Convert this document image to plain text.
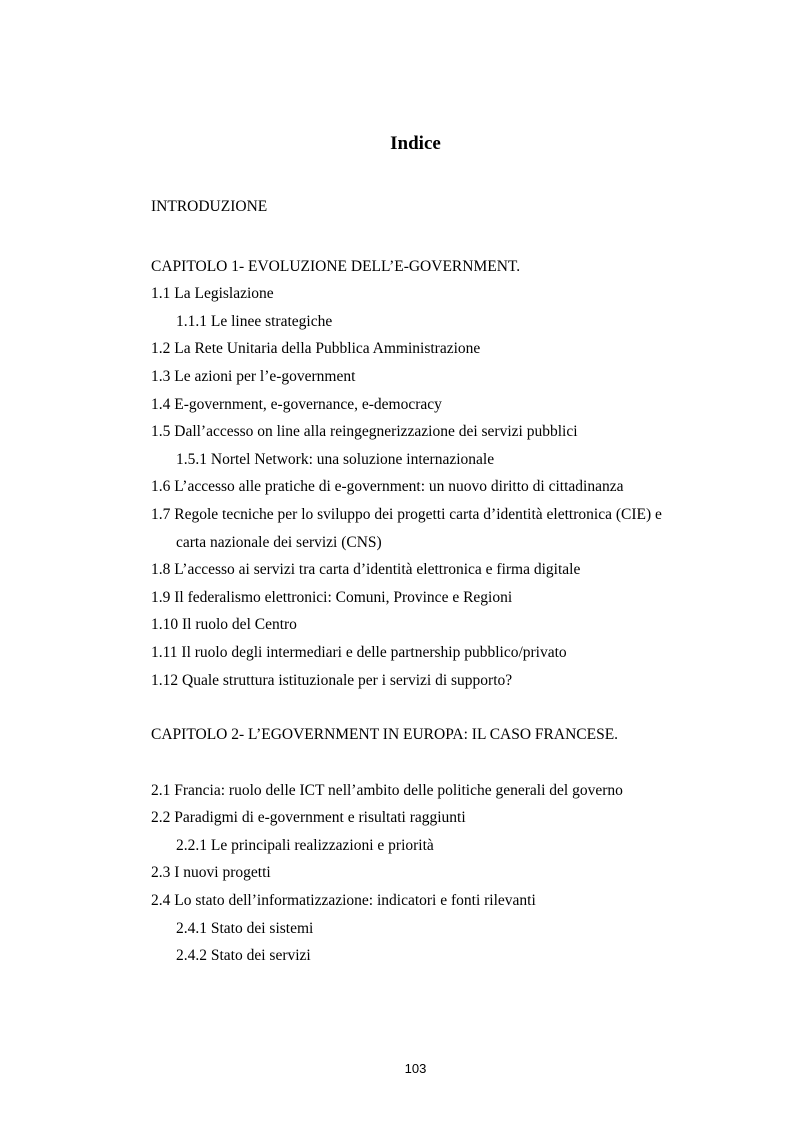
Indice
INTRODUZIONE
CAPITOLO 1- EVOLUZIONE DELL’E-GOVERNMENT.
1.1 La Legislazione
1.1.1 Le linee strategiche
1.2 La Rete Unitaria della Pubblica Amministrazione
1.3 Le azioni per l’e-government
1.4 E-government, e-governance, e-democracy
1.5 Dall’accesso on line alla reingegnerizzazione dei servizi pubblici
1.5.1 Nortel Network: una soluzione internazionale
1.6 L’accesso alle pratiche di e-government: un nuovo diritto di cittadinanza
1.7 Regole tecniche per lo sviluppo dei progetti carta d’identità elettronica (CIE) e
carta nazionale dei servizi (CNS)
1.8 L’accesso ai servizi tra carta d’identità elettronica e firma digitale
1.9 Il federalismo elettronici: Comuni, Province e Regioni
1.10 Il ruolo del Centro
1.11 Il ruolo degli intermediari e delle partnership pubblico/privato
1.12 Quale struttura istituzionale per i servizi di supporto?
CAPITOLO 2- L’EGOVERNMENT IN EUROPA: IL CASO FRANCESE.
2.1 Francia: ruolo delle ICT nell’ambito delle politiche generali del governo
2.2 Paradigmi di e-government e risultati raggiunti
2.2.1 Le principali realizzazioni e priorità
2.3 I nuovi progetti
2.4 Lo stato dell’informatizzazione: indicatori e fonti rilevanti
2.4.1 Stato dei sistemi
2.4.2 Stato dei servizi
103
